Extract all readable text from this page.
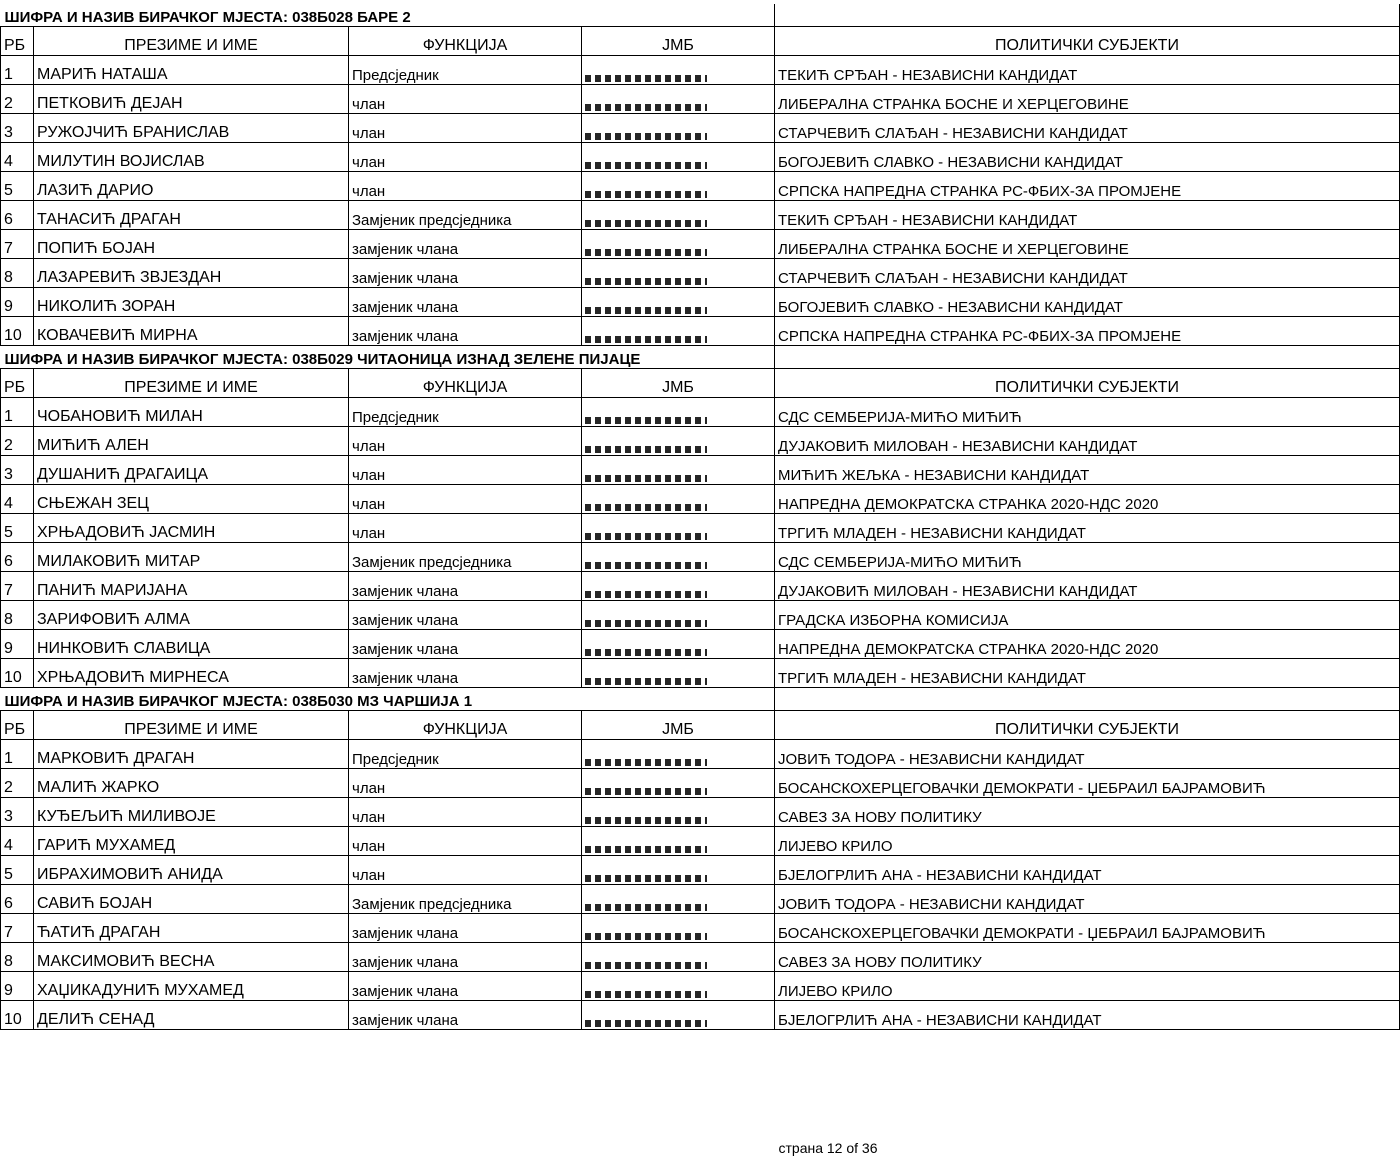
ШИФРА И НАЗИВ БИРАЧКОГ МЈЕСТА: 038Б028 БАРЕ 2				
РБ	ПРЕЗИМЕ И ИМЕ	ФУНКЦИЈА	ЈМБ	ПОЛИТИЧКИ СУБЈЕКТИ
1	МАРИЋ НАТАША	Предсједник		ТЕКИЋ СРЂАН - НЕЗАВИСНИ КАНДИДАТ
2	ПЕТКОВИЋ ДЕЈАН	члан		ЛИБЕРАЛНА СТРАНКА БОСНЕ И ХЕРЦЕГОВИНЕ
3	РУЖОЈЧИЋ БРАНИСЛАВ	члан		СТАРЧЕВИЋ СЛАЂАН - НЕЗАВИСНИ КАНДИДАТ
4	МИЛУТИН ВОЈИСЛАВ	члан		БОГОЈЕВИЋ СЛАВКО - НЕЗАВИСНИ КАНДИДАТ
5	ЛАЗИЋ ДАРИО	члан		СРПСКА НАПРЕДНА СТРАНКА РС-ФБИХ-ЗА ПРОМЈЕНЕ
6	ТАНАСИЋ ДРАГАН	Замјеник предсједника		ТЕКИЋ СРЂАН - НЕЗАВИСНИ КАНДИДАТ
7	ПОПИЋ БОЈАН	замјеник члана		ЛИБЕРАЛНА СТРАНКА БОСНЕ И ХЕРЦЕГОВИНЕ
8	ЛАЗАРЕВИЋ ЗВЈЕЗДАН	замјеник члана		СТАРЧЕВИЋ СЛАЂАН - НЕЗАВИСНИ КАНДИДАТ
9	НИКОЛИЋ ЗОРАН	замјеник члана		БОГОЈЕВИЋ СЛАВКО - НЕЗАВИСНИ КАНДИДАТ
10	КОВАЧЕВИЋ МИРНА	замјеник члана		СРПСКА НАПРЕДНА СТРАНКА РС-ФБИХ-ЗА ПРОМЈЕНЕ
ШИФРА И НАЗИВ БИРАЧКОГ МЈЕСТА: 038Б029 ЧИТАОНИЦА ИЗНАД ЗЕЛЕНЕ ПИЈАЦЕ				
РБ	ПРЕЗИМЕ И ИМЕ	ФУНКЦИЈА	ЈМБ	ПОЛИТИЧКИ СУБЈЕКТИ
1	ЧОБАНОВИЋ МИЛАН	Предсједник		СДС СЕМБЕРИЈА-МИЋО МИЋИЋ
2	МИЋИЋ АЛЕН	члан		ДУЈАКОВИЋ МИЛОВАН - НЕЗАВИСНИ КАНДИДАТ
3	ДУШАНИЋ ДРАГАИЦА	члан		МИЋИЋ ЖЕЉКА - НЕЗАВИСНИ КАНДИДАТ
4	СЊЕЖАН ЗЕЦ	члан		НАПРЕДНА ДЕМОКРАТСКА СТРАНКА 2020-НДС 2020
5	ХРЊАДОВИЋ ЈАСМИН	члан		ТРГИЋ МЛАДЕН - НЕЗАВИСНИ КАНДИДАТ
6	МИЛАКОВИЋ МИТАР	Замјеник предсједника		СДС СЕМБЕРИЈА-МИЋО МИЋИЋ
7	ПАНИЋ МАРИЈАНА	замјеник члана		ДУЈАКОВИЋ МИЛОВАН - НЕЗАВИСНИ КАНДИДАТ
8	ЗАРИФОВИЋ АЛМА	замјеник члана		ГРАДСКА ИЗБОРНА КОМИСИЈА
9	НИНКОВИЋ СЛАВИЦА	замјеник члана		НАПРЕДНА ДЕМОКРАТСКА СТРАНКА 2020-НДС 2020
10	ХРЊАДОВИЋ МИРНЕСА	замјеник члана		ТРГИЋ МЛАДЕН - НЕЗАВИСНИ КАНДИДАТ
ШИФРА И НАЗИВ БИРАЧКОГ МЈЕСТА: 038Б030 МЗ ЧАРШИЈА 1				
РБ	ПРЕЗИМЕ И ИМЕ	ФУНКЦИЈА	ЈМБ	ПОЛИТИЧКИ СУБЈЕКТИ
1	МАРКОВИЋ ДРАГАН	Предсједник		ЈОВИЋ ТОДОРА - НЕЗАВИСНИ КАНДИДАТ
2	МАЛИЋ ЖАРКО	члан		БОСАНСКОХЕРЦЕГОВАЧКИ ДЕМОКРАТИ - ЏЕБРАИЛ БАЈРАМОВИЋ
3	КУЂЕЉИЋ МИЛИВОЈЕ	члан		САВЕЗ ЗА НОВУ ПОЛИТИКУ
4	ГАРИЋ МУХАМЕД	члан		ЛИЈЕВО КРИЛО
5	ИБРАХИМОВИЋ АНИДА	члан		БЈЕЛОГРЛИЋ АНА - НЕЗАВИСНИ КАНДИДАТ
6	САВИЋ БОЈАН	Замјеник предсједника		ЈОВИЋ ТОДОРА - НЕЗАВИСНИ КАНДИДАТ
7	ЋАТИЋ ДРАГАН	замјеник члана		БОСАНСКОХЕРЦЕГОВАЧКИ ДЕМОКРАТИ - ЏЕБРАИЛ БАЈРАМОВИЋ
8	МАКСИМОВИЋ ВЕСНА	замјеник члана		САВЕЗ ЗА НОВУ ПОЛИТИКУ
9	ХАЏИКАДУНИЋ МУХАМЕД	замјеник члана		ЛИЈЕВО КРИЛО
10	ДЕЛИЋ СЕНАД	замјеник члана		БЈЕЛОГРЛИЋ АНА - НЕЗАВИСНИ КАНДИДАТ
страна 12 of 36
